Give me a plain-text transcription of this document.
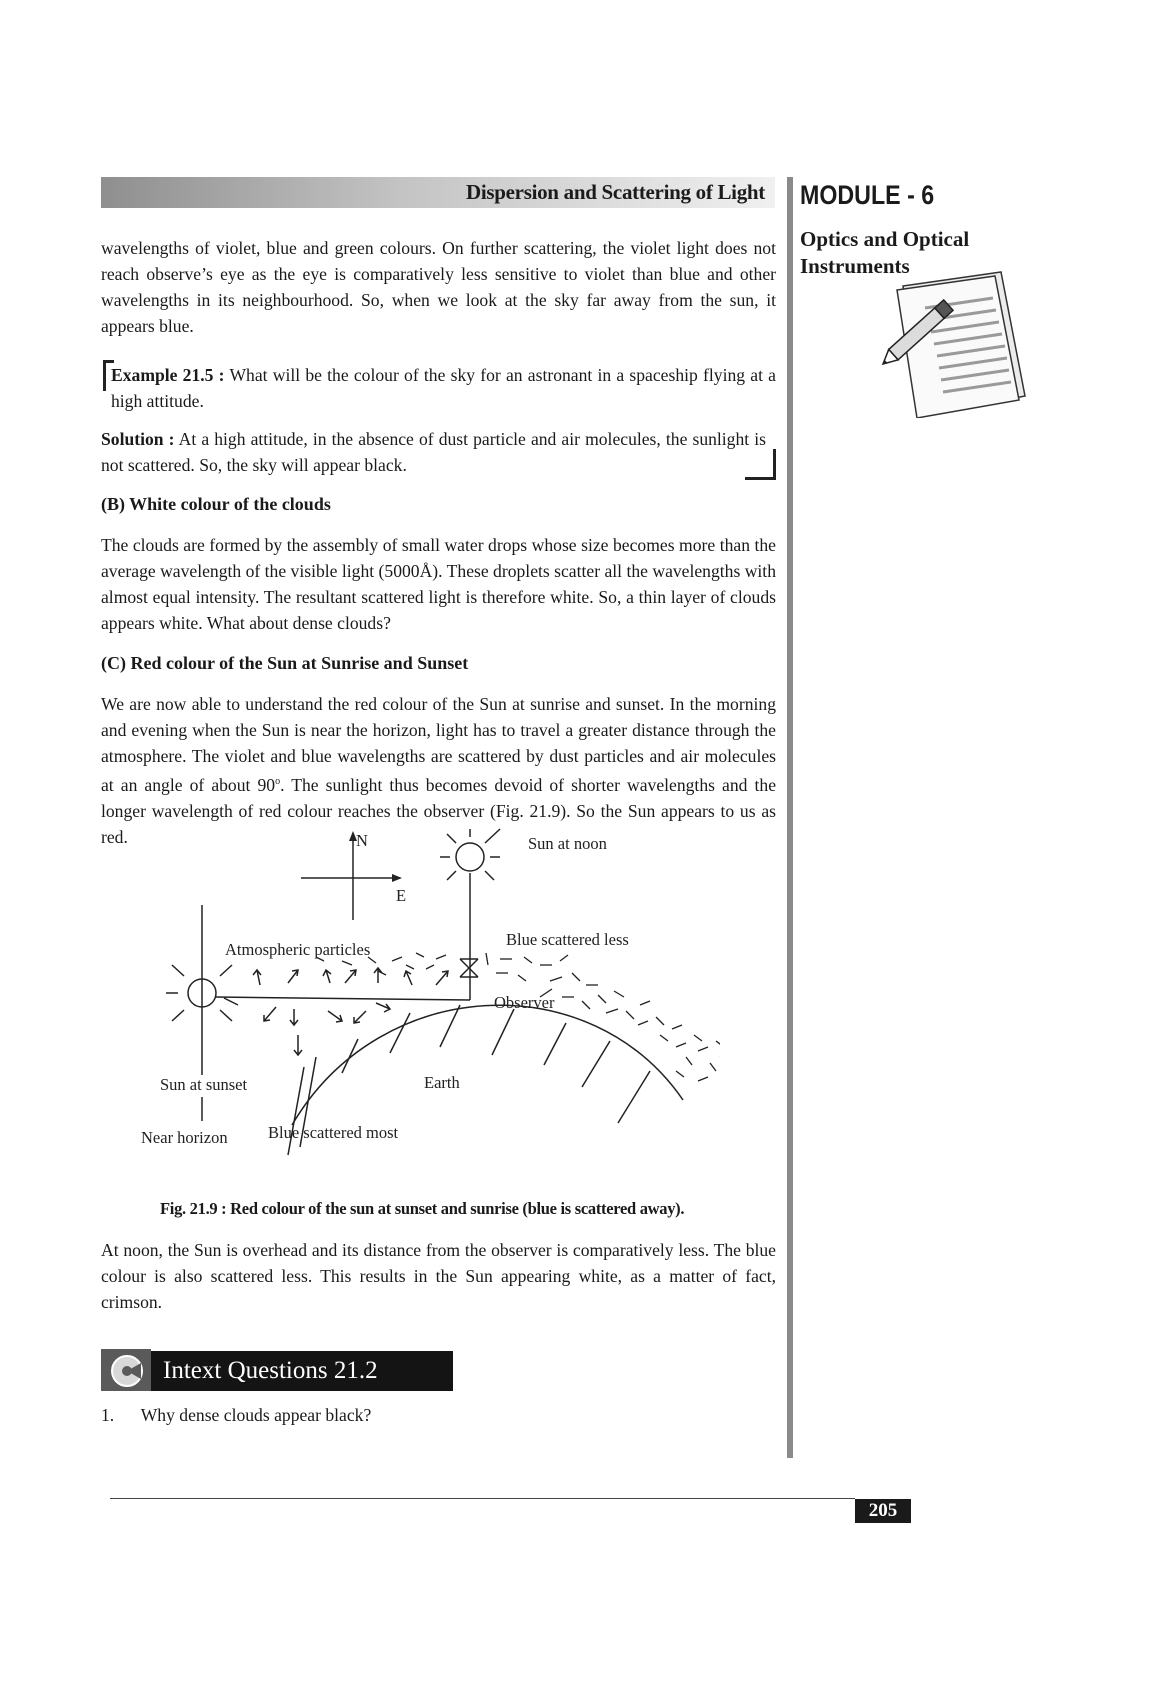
Dispersion and Scattering of Light MODULE - 6
Optics and Optical Instruments
wavelengths of violet, blue and green colours. On further scattering, the violet light does not reach observe’s eye as the eye is comparatively less sensitive to violet than blue and other wavelengths in its neighbourhood. So, when we look at the sky far away from the sun, it appears blue.
Example 21.5 : What will be the colour of the sky for an astronant in a spaceship flying at a high attitude.
Solution : At a high attitude, in the absence of dust particle and air molecules, the sunlight is not scattered. So, the sky will appear black.
(B) White colour of the clouds
The clouds are formed by the assembly of small water drops whose size becomes more than the average wavelength of the visible light (5000Å). These droplets scatter all the wavelengths with almost equal intensity. The resultant scattered light is therefore white. So, a thin layer of clouds appears white. What about dense clouds?
(C) Red colour of the Sun at Sunrise and Sunset
We are now able to understand the red colour of the Sun at sunrise and sunset. In the morning and evening when the Sun is near the horizon, light has to travel a greater distance through the atmosphere. The violet and blue wavelengths are scattered by dust particles and air molecules at an angle of about 90$^o$. The sunlight thus becomes devoid of shorter wavelengths and the longer wavelength of red colour reaches the observer (Fig. 21.9). So the Sun appears to us as red.	N
E
Sun at noon
Blue scattered less
Atmospheric particles
Observer
Sun at sunset	Earth
Near horizon Blue scattered most
Fig. 21.9 : Red colour of the sun at sunset and sunrise (blue is scattered away).
At noon, the Sun is overhead and its distance from the observer is comparatively less. The blue colour is also scattered less. This results in the Sun appearing white, as a matter of fact, crimson.
Intext Questions 21.2
1. Why dense clouds appear black?
205
